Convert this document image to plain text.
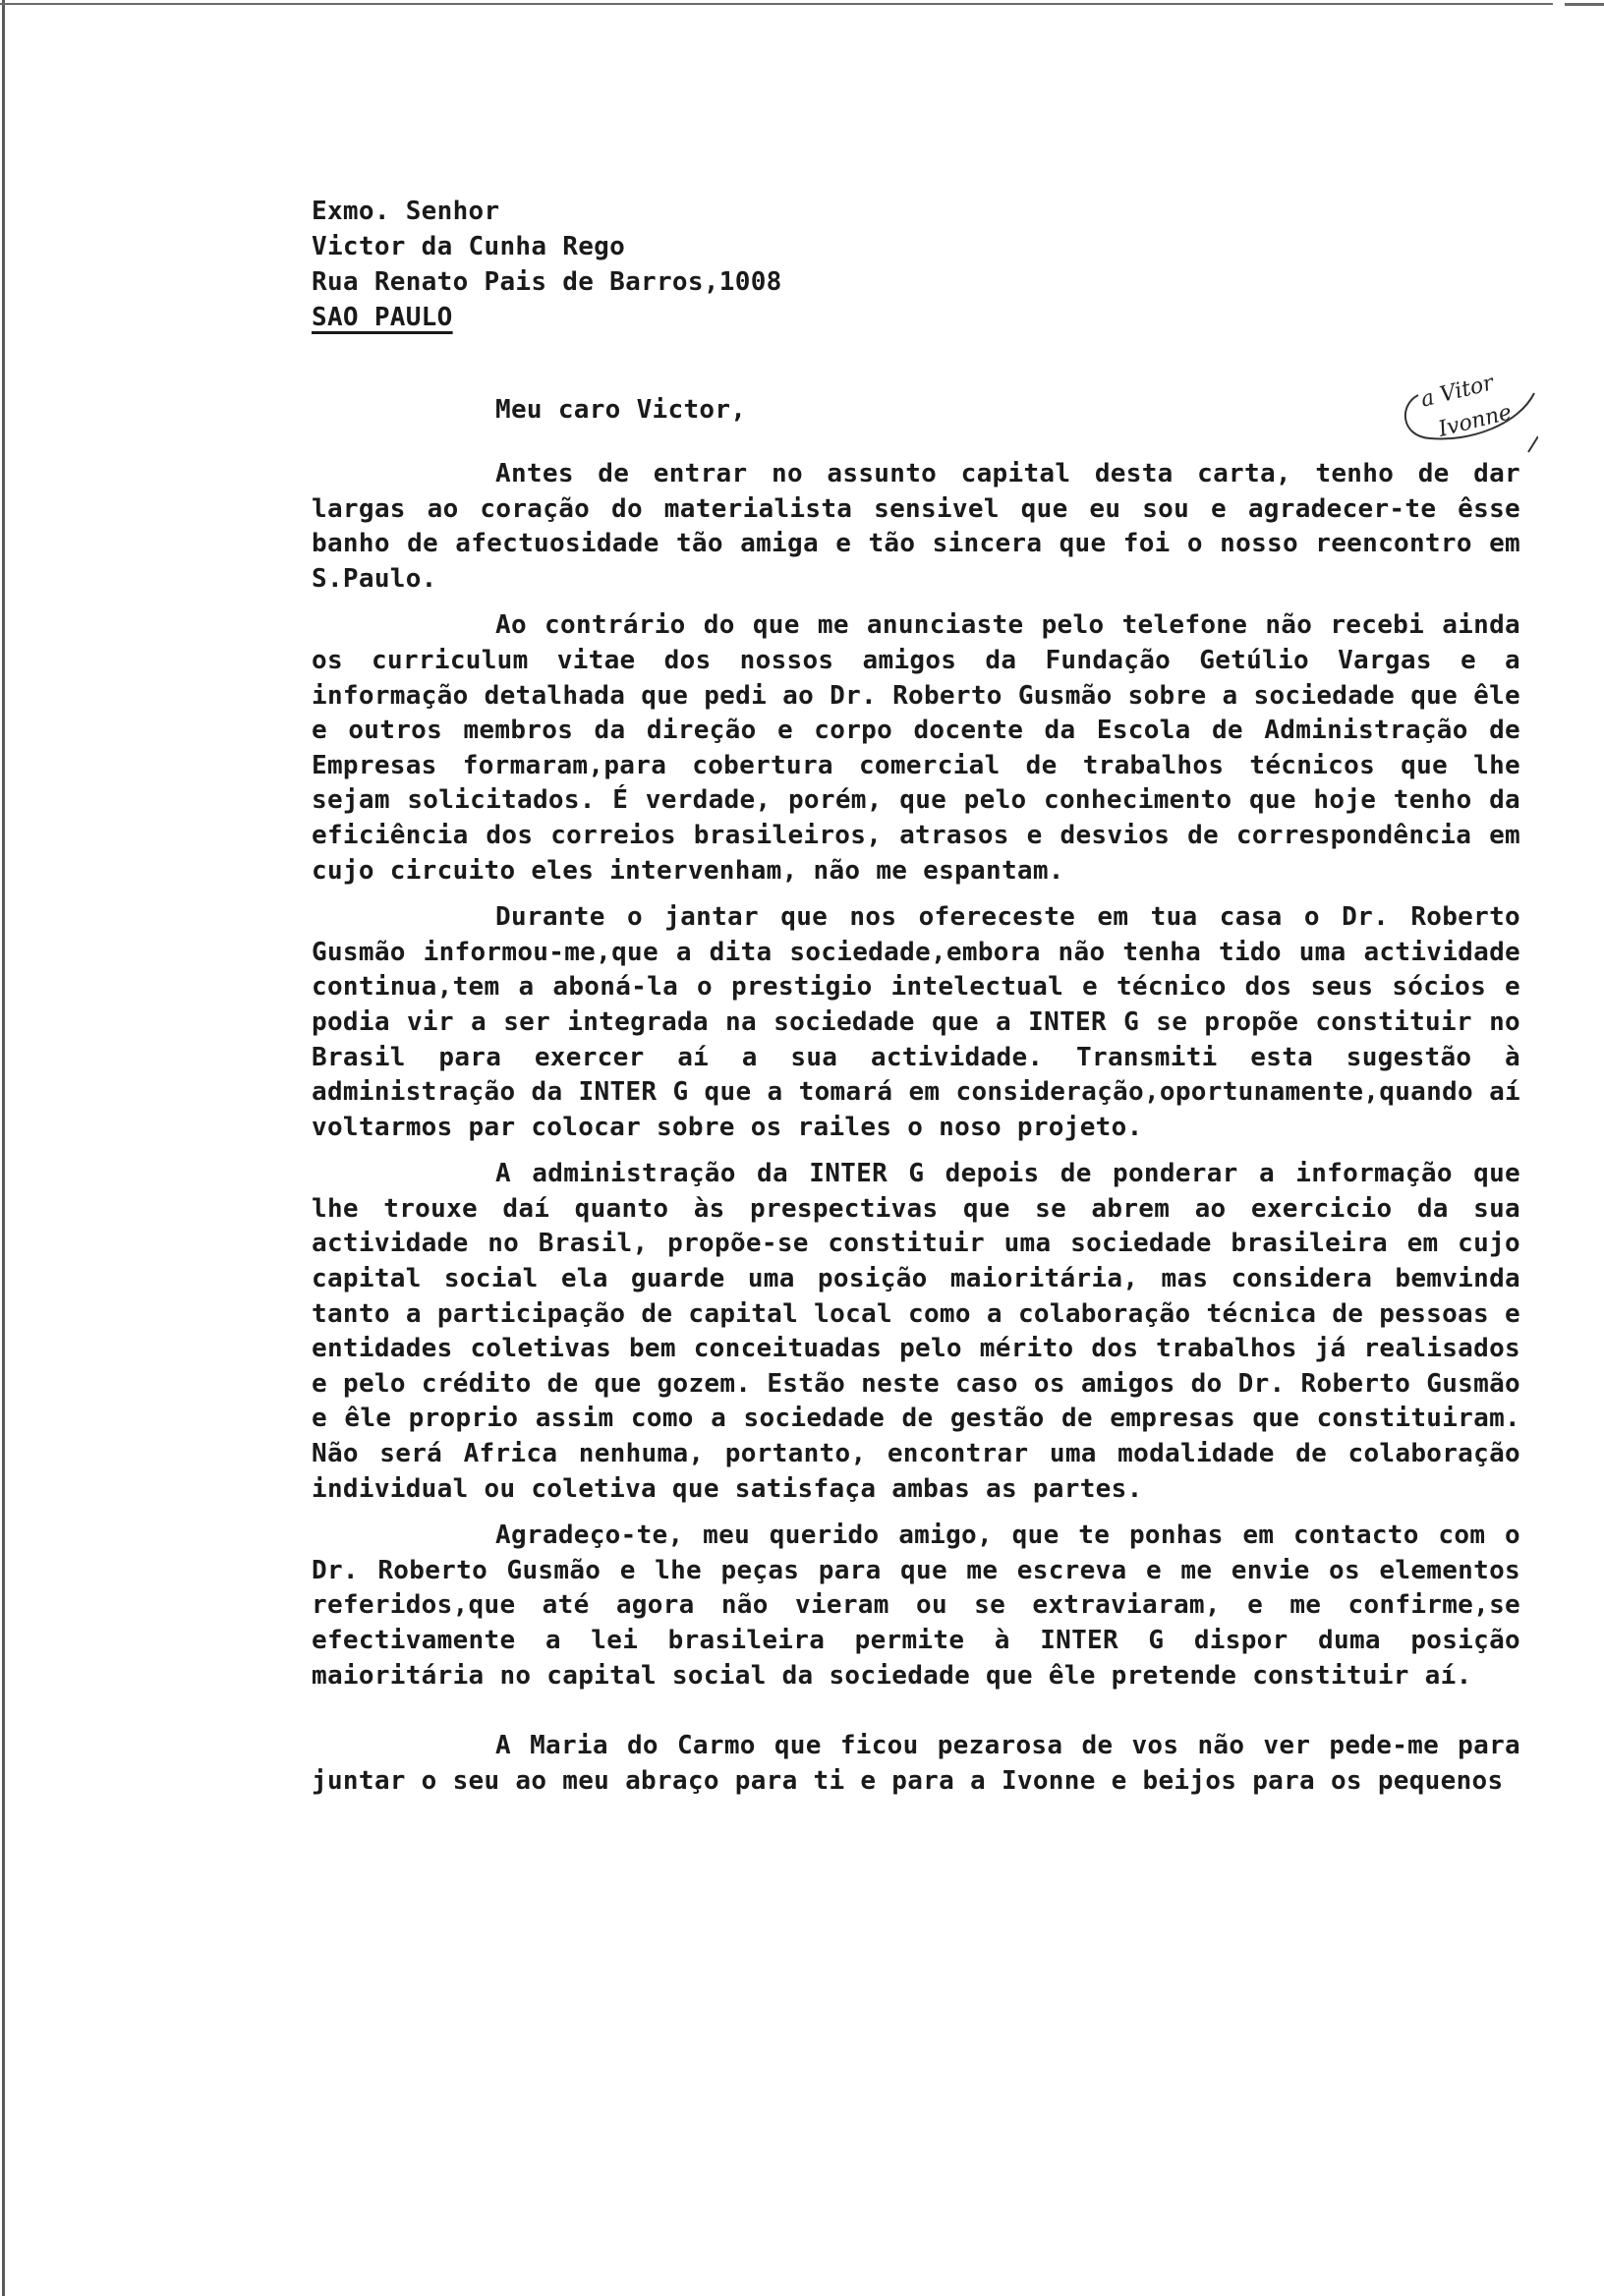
Exmo. Senhor
Victor da Cunha Rego
Rua Renato Pais de Barros,1008
SAO PAULO
Meu caro Victor,

Antes de entrar no assunto capital desta carta, tenho de dar largas ao coração do materialista sensivel que eu sou e agradecer-te êsse banho de afectuosidade tão amiga e tão sincera que foi o nosso reencontro em S.Paulo.

Ao contrário do que me anunciaste pelo telefone não recebi ainda os curriculum vitae dos nossos amigos da Fundação Getúlio Vargas e a informação detalhada que pedi ao Dr. Roberto Gusmão sobre a sociedade que êle e outros membros da direção e corpo docente da Escola de Administração de Empresas formaram,para cobertura comercial de trabalhos técnicos que lhe sejam solicitados. É verdade, porém, que pelo conhecimento que hoje tenho da eficiência dos correios brasileiros, atrasos e desvios de correspondência em cujo circuito eles intervenham, não me espantam.

Durante o jantar que nos ofereceste em tua casa o Dr. Roberto Gusmão informou-me,que a dita sociedade,embora não tenha tido uma actividade continua,tem a aboná-la o prestigio intelectual e técnico dos seus sócios e podia vir a ser integrada na sociedade que a INTER G se propõe constituir no Brasil para exercer aí a sua actividade. Transmiti esta sugestão à administração da INTER G que a tomará em consideração,oportunamente,quando aí voltarmos par colocar sobre os railes o noso projeto.

A administração da INTER G depois de ponderar a informação que lhe trouxe daí quanto às prespectivas que se abrem ao exercicio da sua actividade no Brasil, propõe-se constituir uma sociedade brasileira em cujo capital social ela guarde uma posição maioritária, mas considera bemvinda tanto a participação de capital local como a colaboração técnica de pessoas e entidades coletivas bem conceituadas pelo mérito dos trabalhos já realisados e pelo crédito de que gozem. Estão neste caso os amigos do Dr. Roberto Gusmão e êle proprio assim como a sociedade de gestão de empresas que constituiram. Não será Africa nenhuma, portanto, encontrar uma modalidade de colaboração individual ou coletiva que satisfaça ambas as partes.

Agradeço-te, meu querido amigo, que te ponhas em contacto com o Dr. Roberto Gusmão e lhe peças para que me escreva e me envie os elementos referidos,que até agora não vieram ou se extraviaram, e me confirme,se efectivamente a lei brasileira permite à INTER G dispor duma posição maioritária no capital social da sociedade que êle pretende constituir aí.

A Maria do Carmo que ficou pezarosa de vos não ver pede-me para juntar o seu ao meu abraço para ti e para a Ivonne e beijos para os pequenos

a Vitor
Ivonne
